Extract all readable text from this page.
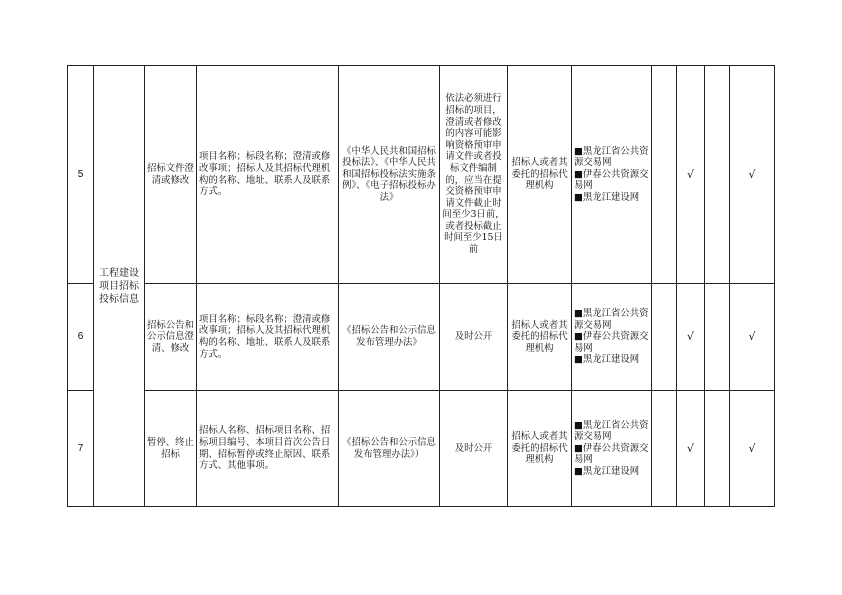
5	工程建设项目招标投标信息	招标文件澄清或修改	项目名称；标段名称；澄清或修改事项；招标人及其招标代理机构的名称、地址、联系人及联系方式。	《中华人民共和国招标投标法》、《中华人民共和国招标投标法实施条例》、《电子招标投标办法》	依法必须进行招标的项目，澄清或者修改的内容可能影响资格预审申请文件或者投标文件编制的，应当在提交资格预审申请文件截止时间至少3日前，或者投标截止时间至少15日前	招标人或者其委托的招标代理机构	■黑龙江省公共资源交易网
■伊春公共资源交易网
■黑龙江建设网		√		√
6		招标公告和公示信息澄清、修改	项目名称；标段名称；澄清或修改事项；招标人及其招标代理机构的名称、地址、联系人及联系方式。	《招标公告和公示信息发布管理办法》	及时公开	招标人或者其委托的招标代理机构	■黑龙江省公共资源交易网
■伊春公共资源交易网
■黑龙江建设网		√		√
7		暂停、终止招标	招标人名称、招标项目名称、招标项目编号、本项目首次公告日期、招标暂停或终止原因、联系方式、其他事项。	《招标公告和公示信息发布管理办法》）	及时公开	招标人或者其委托的招标代理机构	■黑龙江省公共资源交易网
■伊春公共资源交易网
■黑龙江建设网		√		√
